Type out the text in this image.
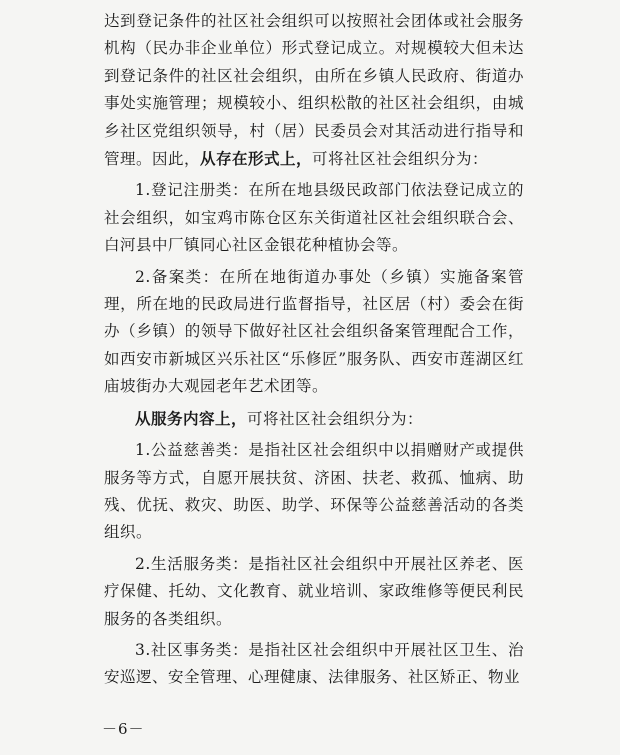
达到登记条件的社区社会组织可以按照社会团体或社会服务机构（民办非企业单位）形式登记成立。对规模较大但未达到登记条件的社区社会组织，由所在乡镇人民政府、街道办事处实施管理；规模较小、组织松散的社区社会组织，由城乡社区党组织领导，村（居）民委员会对其活动进行指导和管理。因此，从存在形式上，可将社区社会组织分为：

1.登记注册类：在所在地县级民政部门依法登记成立的社会组织，如宝鸡市陈仓区东关街道社区社会组织联合会、白河县中厂镇同心社区金银花种植协会等。

2.备案类：在所在地街道办事处（乡镇）实施备案管理，所在地的民政局进行监督指导，社区居（村）委会在街办（乡镇）的领导下做好社区社会组织备案管理配合工作，如西安市新城区兴乐社区“乐修匠”服务队、西安市莲湖区红庙坡街办大观园老年艺术团等。

从服务内容上，可将社区社会组织分为：

1.公益慈善类：是指社区社会组织中以捐赠财产或提供服务等方式，自愿开展扶贫、济困、扶老、救孤、恤病、助残、优抚、救灾、助医、助学、环保等公益慈善活动的各类组织。

2.生活服务类：是指社区社会组织中开展社区养老、医疗保健、托幼、文化教育、就业培训、家政维修等便民利民服务的各类组织。

3.社区事务类：是指社区社会组织中开展社区卫生、治安巡逻、安全管理、心理健康、法律服务、社区矫正、物业

－6－
